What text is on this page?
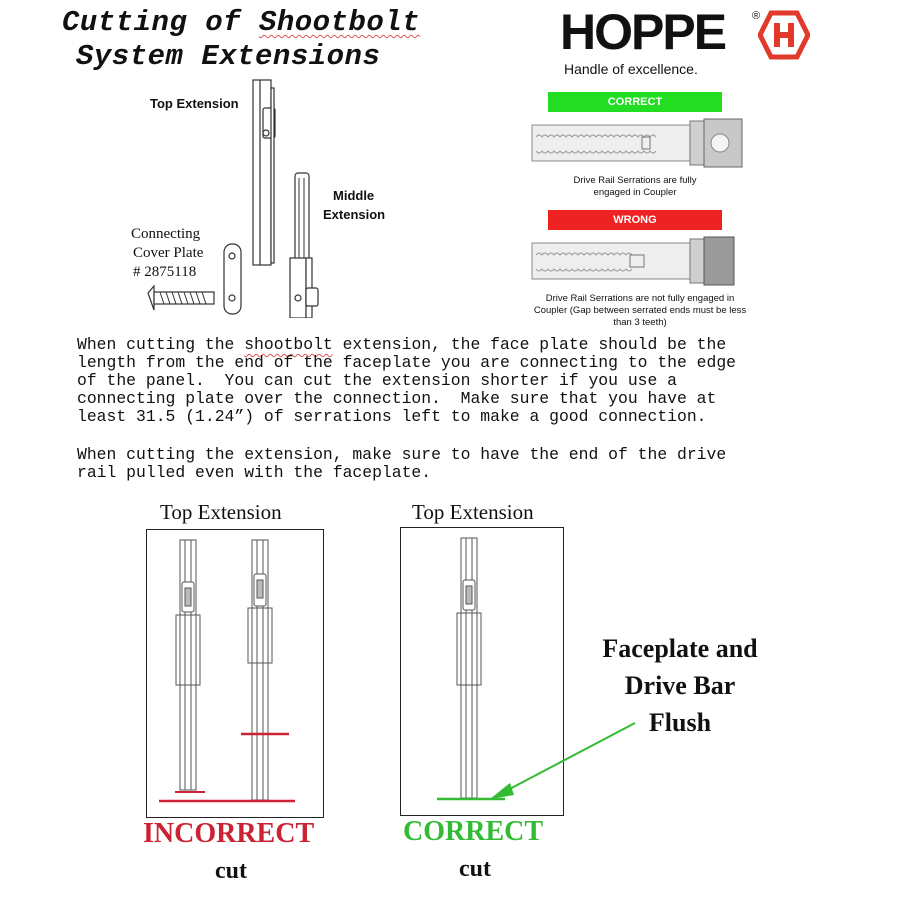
Cutting of Shootbolt
System Extensions	HOPPE ®
Handle of excellence.
Top Extension
Middle
Extension
Connecting
Cover Plate
# 2875118
CORRECT
Drive Rail Serrations are fully
engaged in Coupler
WRONG
Drive Rail Serrations are not fully engaged in
Coupler (Gap between serrated ends must be less
than 3 teeth)
When cutting the shootbolt extension, the face plate should be the
length from the end of the faceplate you are connecting to the edge
of the panel.  You can cut the extension shorter if you use a
connecting plate over the connection.  Make sure that you have at
least 31.5 (1.24”) of serrations left to make a good connection.
When cutting the extension, make sure to have the end of the drive
rail pulled even with the faceplate.
Top Extension
INCORRECT
cut
Top Extension
CORRECT
cut
Faceplate and
Drive Bar
Flush
